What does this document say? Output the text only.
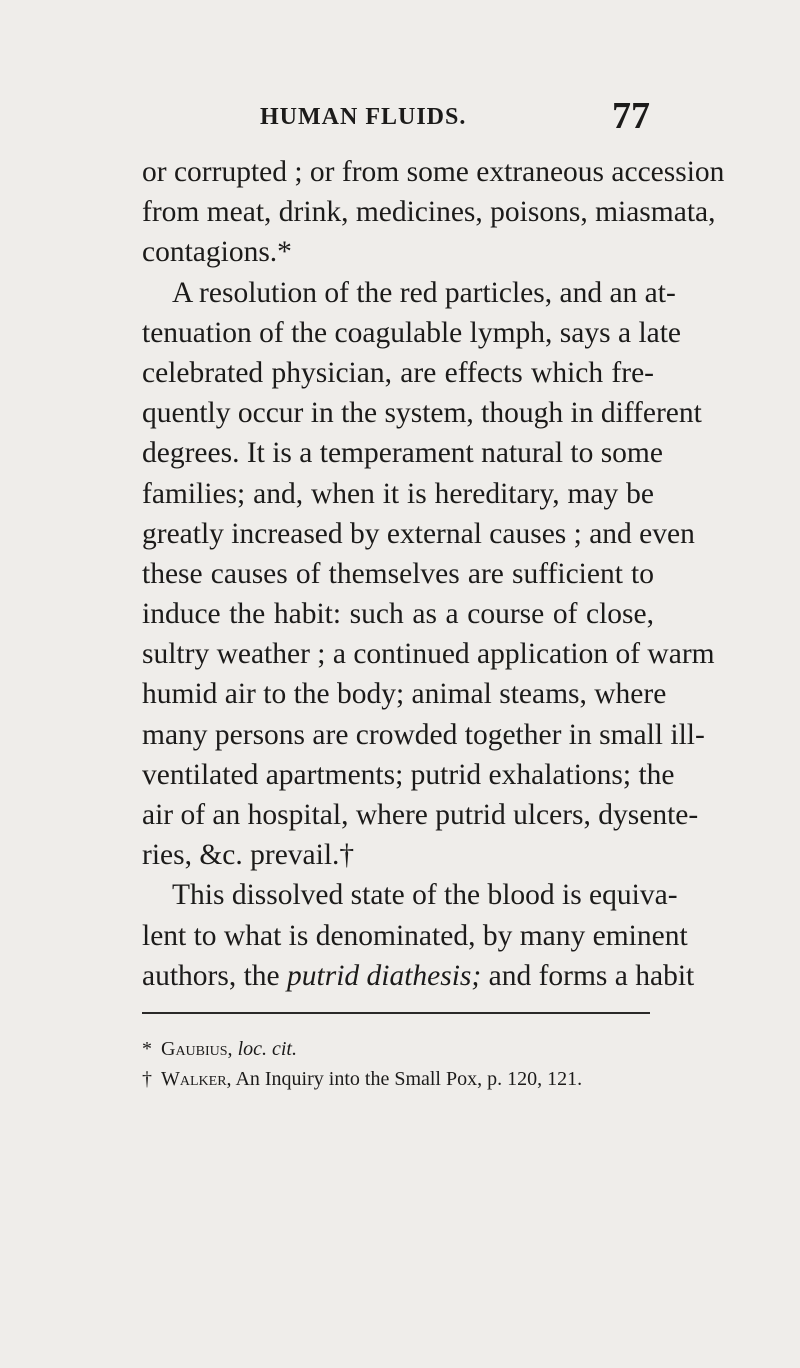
HUMAN FLUIDS.	77
or corrupted ; or from some extraneous accession
from meat, drink, medicines, poisons, miasmata,
contagions.*
A resolution of the red particles, and an at-
tenuation of the coagulable lymph, says a late
celebrated physician, are effects which fre-
quently occur in the system, though in different
degrees. It is a temperament natural to some
families; and, when it is hereditary, may be
greatly increased by external causes ; and even
these causes of themselves are sufficient to
induce the habit: such as a course of close,
sultry weather ; a continued application of warm
humid air to the body; animal steams, where
many persons are crowded together in small ill-
ventilated apartments; putrid exhalations; the
air of an hospital, where putrid ulcers, dysente-
ries, &c. prevail.†
This dissolved state of the blood is equiva-
lent to what is denominated, by many eminent
authors, the putrid diathesis; and forms a habit
* Gaubius, loc. cit.
† Walker, An Inquiry into the Small Pox, p. 120, 121.
